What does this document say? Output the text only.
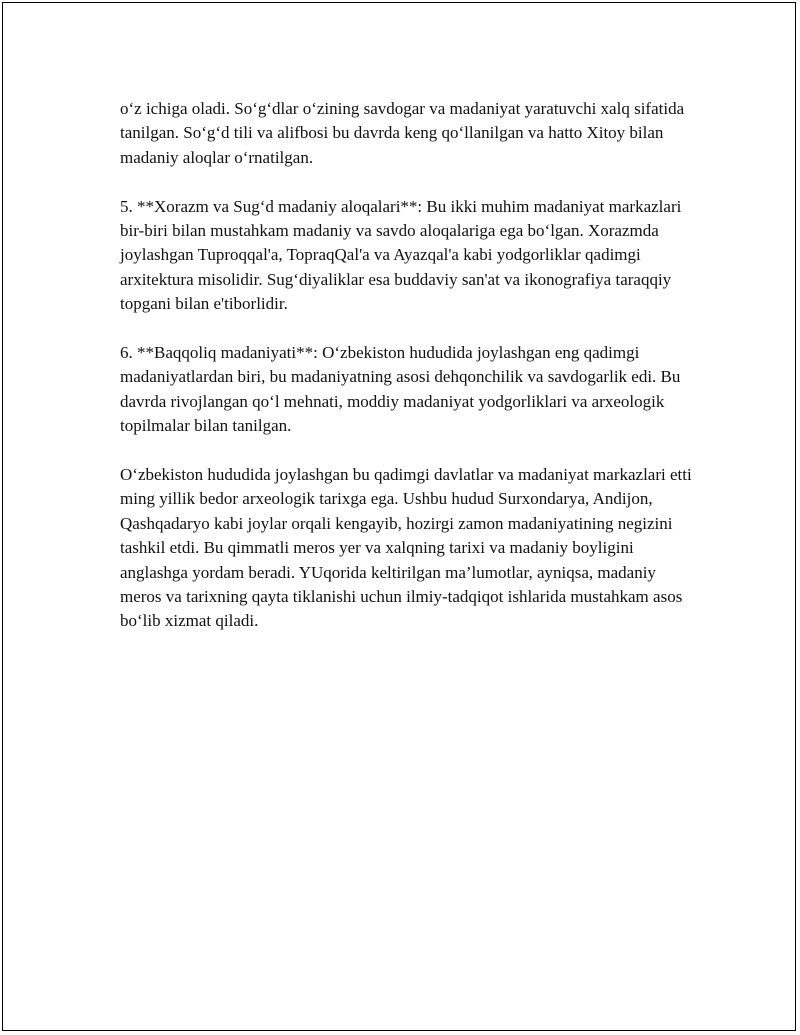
o‘z ichiga oladi. So‘g‘dlar o‘zining savdogar va madaniyat yaratuvchi xalq sifatida tanilgan. So‘g‘d tili va alifbosi bu davrda keng qo‘llanilgan va hatto Xitoy bilan madaniy aloqlar o‘rnatilgan.

5. **Xorazm va Sug‘d madaniy aloqalari**: Bu ikki muhim madaniyat markazlari bir-biri bilan mustahkam madaniy va savdo aloqalariga ega bo‘lgan. Xorazmda joylashgan Tuproqqal'a, TopraqQal'a va Ayazqal'a kabi yodgorliklar qadimgi arxitektura misolidir. Sug‘diyaliklar esa buddaviy san'at va ikonografiya taraqqiy topgani bilan e'tiborlidir.

6. **Baqqoliq madaniyati**: O‘zbekiston hududida joylashgan eng qadimgi madaniyatlardan biri, bu madaniyatning asosi dehqonchilik va savdogarlik edi. Bu davrda rivojlangan qo‘l mehnati, moddiy madaniyat yodgorliklari va arxeologik topilmalar bilan tanilgan.

O‘zbekiston hududida joylashgan bu qadimgi davlatlar va madaniyat markazlari etti ming yillik bedor arxeologik tarixga ega. Ushbu hudud Surxondarya, Andijon, Qashqadaryo kabi joylar orqali kengayib, hozirgi zamon madaniyatining negizini tashkil etdi. Bu qimmatli meros yer va xalqning tarixi va madaniy boyligini anglashga yordam beradi. YUqorida keltirilgan ma’lumotlar, ayniqsa, madaniy meros va tarixning qayta tiklanishi uchun ilmiy-tadqiqot ishlarida mustahkam asos bo‘lib xizmat qiladi.
